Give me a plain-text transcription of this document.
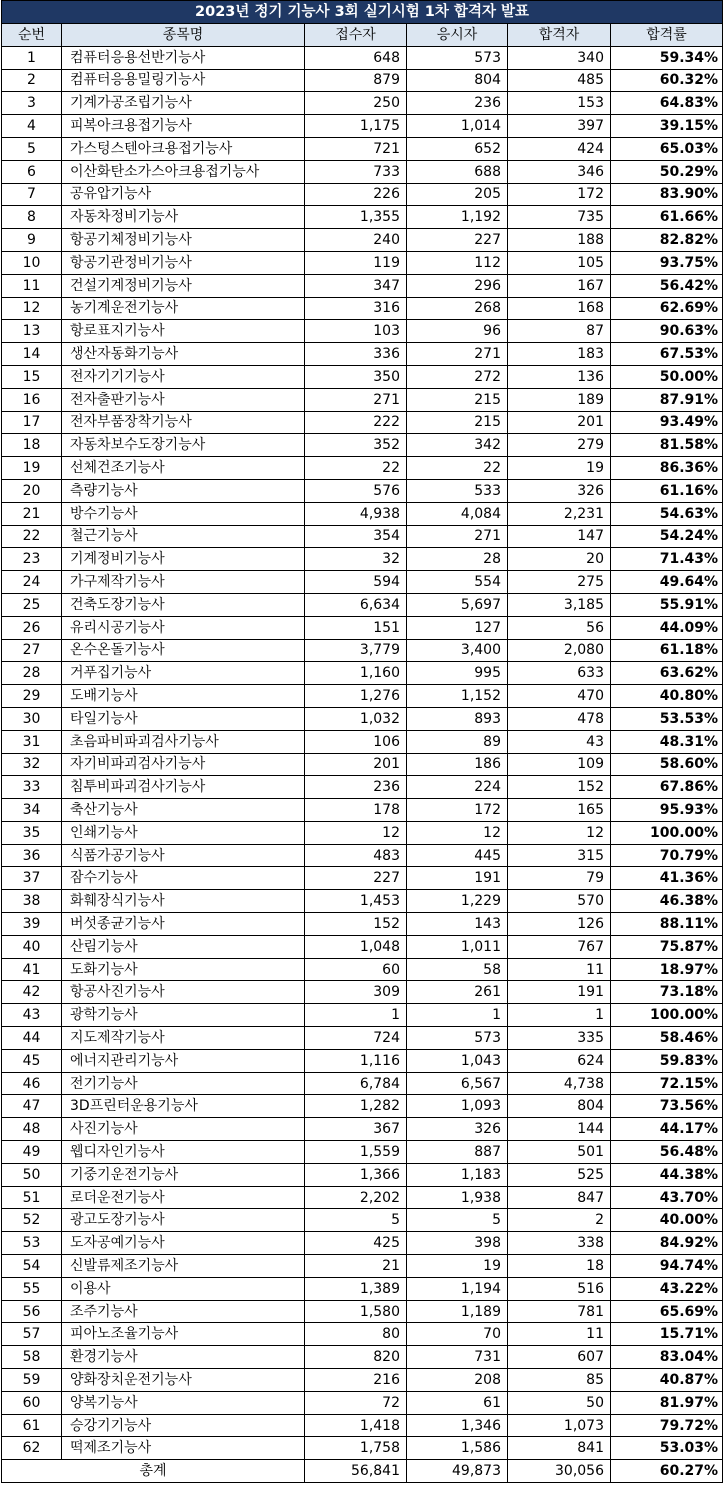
2023년 정기 기능사 3회 실기시험 1차 합격자 발표					
순번	종목명	접수자	응시자	합격자	합격률
1	컴퓨터응용선반기능사	648	573	340	59.34%
2	컴퓨터응용밀링기능사	879	804	485	60.32%
3	기계가공조립기능사	250	236	153	64.83%
4	피복아크용접기능사	1,175	1,014	397	39.15%
5	가스텅스텐아크용접기능사	721	652	424	65.03%
6	이산화탄소가스아크용접기능사	733	688	346	50.29%
7	공유압기능사	226	205	172	83.90%
8	자동차정비기능사	1,355	1,192	735	61.66%
9	항공기체정비기능사	240	227	188	82.82%
10	항공기관정비기능사	119	112	105	93.75%
11	건설기계정비기능사	347	296	167	56.42%
12	농기계운전기능사	316	268	168	62.69%
13	항로표지기능사	103	96	87	90.63%
14	생산자동화기능사	336	271	183	67.53%
15	전자기기기능사	350	272	136	50.00%
16	전자출판기능사	271	215	189	87.91%
17	전자부품장착기능사	222	215	201	93.49%
18	자동차보수도장기능사	352	342	279	81.58%
19	선체건조기능사	22	22	19	86.36%
20	측량기능사	576	533	326	61.16%
21	방수기능사	4,938	4,084	2,231	54.63%
22	철근기능사	354	271	147	54.24%
23	기계정비기능사	32	28	20	71.43%
24	가구제작기능사	594	554	275	49.64%
25	건축도장기능사	6,634	5,697	3,185	55.91%
26	유리시공기능사	151	127	56	44.09%
27	온수온돌기능사	3,779	3,400	2,080	61.18%
28	거푸집기능사	1,160	995	633	63.62%
29	도배기능사	1,276	1,152	470	40.80%
30	타일기능사	1,032	893	478	53.53%
31	초음파비파괴검사기능사	106	89	43	48.31%
32	자기비파괴검사기능사	201	186	109	58.60%
33	침투비파괴검사기능사	236	224	152	67.86%
34	축산기능사	178	172	165	95.93%
35	인쇄기능사	12	12	12	100.00%
36	식품가공기능사	483	445	315	70.79%
37	잠수기능사	227	191	79	41.36%
38	화훼장식기능사	1,453	1,229	570	46.38%
39	버섯종균기능사	152	143	126	88.11%
40	산림기능사	1,048	1,011	767	75.87%
41	도화기능사	60	58	11	18.97%
42	항공사진기능사	309	261	191	73.18%
43	광학기능사	1	1	1	100.00%
44	지도제작기능사	724	573	335	58.46%
45	에너지관리기능사	1,116	1,043	624	59.83%
46	전기기능사	6,784	6,567	4,738	72.15%
47	3D프린터운용기능사	1,282	1,093	804	73.56%
48	사진기능사	367	326	144	44.17%
49	웹디자인기능사	1,559	887	501	56.48%
50	기중기운전기능사	1,366	1,183	525	44.38%
51	로더운전기능사	2,202	1,938	847	43.70%
52	광고도장기능사	5	5	2	40.00%
53	도자공예기능사	425	398	338	84.92%
54	신발류제조기능사	21	19	18	94.74%
55	이용사	1,389	1,194	516	43.22%
56	조주기능사	1,580	1,189	781	65.69%
57	피아노조율기능사	80	70	11	15.71%
58	환경기능사	820	731	607	83.04%
59	양화장치운전기능사	216	208	85	40.87%
60	양복기능사	72	61	50	81.97%
61	승강기기능사	1,418	1,346	1,073	79.72%
62	떡제조기능사	1,758	1,586	841	53.03%
총계		56,841	49,873	30,056	60.27%
